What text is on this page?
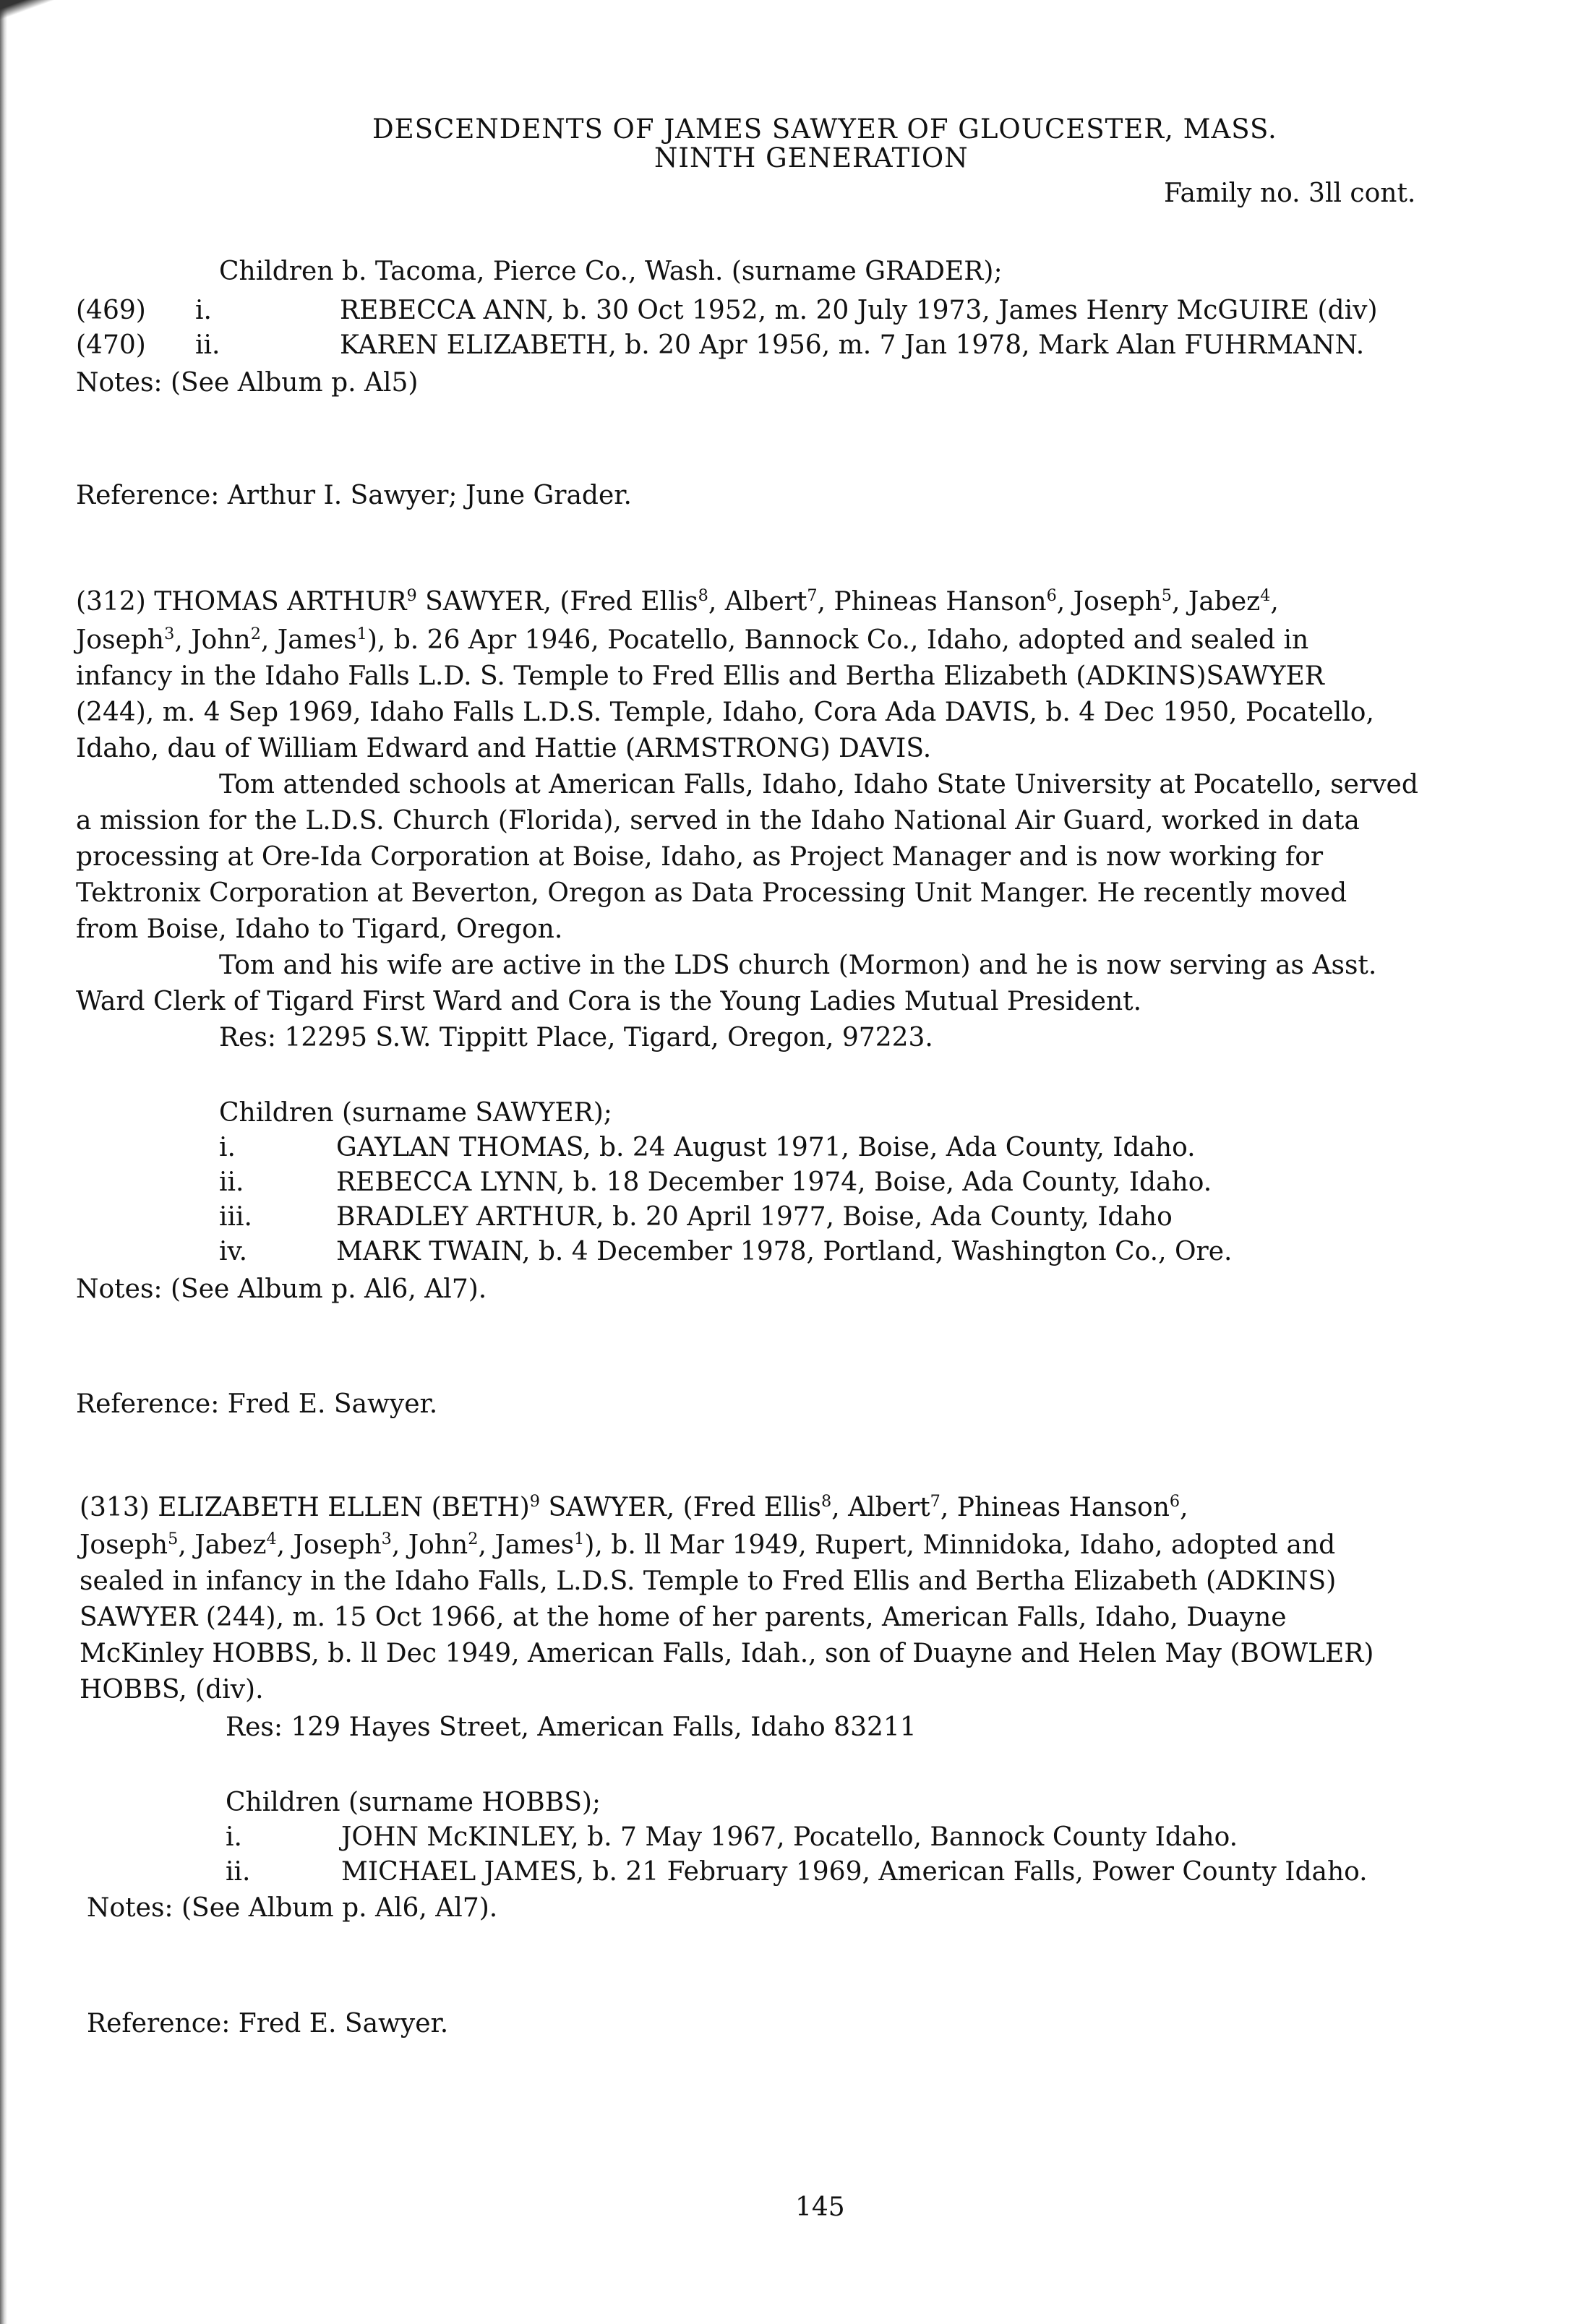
DESCENDENTS OF JAMES SAWYER OF GLOUCESTER, MASS.
NINTH GENERATION
Family no. 3ll cont.
Children b. Tacoma, Pierce Co., Wash. (surname GRADER);
(469) i.	REBECCA ANN, b. 30 Oct 1952, m. 20 July 1973, James Henry McGUIRE (div)
(470) ii.	KAREN ELIZABETH, b. 20 Apr 1956, m. 7 Jan 1978, Mark Alan FUHRMANN.
Notes: (See Album p. Al5)
Reference: Arthur I. Sawyer; June Grader.
(312) THOMAS ARTHUR$^9$ SAWYER, (Fred Ellis$^8$, Albert$^7$, Phineas Hanson$^6$, Joseph$^5$, Jabez$^4$,
Joseph$^3$, John$^2$, James$^1$), b. 26 Apr 1946, Pocatello, Bannock Co., Idaho, adopted and sealed in
infancy in the Idaho Falls L.D. S. Temple to Fred Ellis and Bertha Elizabeth (ADKINS)SAWYER
(244), m. 4 Sep 1969, Idaho Falls L.D.S. Temple, Idaho, Cora Ada DAVIS, b. 4 Dec 1950, Pocatello,
Idaho, dau of William Edward and Hattie (ARMSTRONG) DAVIS.
Tom attended schools at American Falls, Idaho, Idaho State University at Pocatello, served
a mission for the L.D.S. Church (Florida), served in the Idaho National Air Guard, worked in data
processing at Ore-Ida Corporation at Boise, Idaho, as Project Manager and is now working for
Tektronix Corporation at Beverton, Oregon as Data Processing Unit Manger. He recently moved
from Boise, Idaho to Tigard, Oregon.
Tom and his wife are active in the LDS church (Mormon) and he is now serving as Asst.
Ward Clerk of Tigard First Ward and Cora is the Young Ladies Mutual President.
Res: 12295 S.W. Tippitt Place, Tigard, Oregon, 97223.
Children (surname SAWYER);
i.	GAYLAN THOMAS, b. 24 August 1971, Boise, Ada County, Idaho.
ii.	REBECCA LYNN, b. 18 December 1974, Boise, Ada County, Idaho.
iii.	BRADLEY ARTHUR, b. 20 April 1977, Boise, Ada County, Idaho
iv.	MARK TWAIN, b. 4 December 1978, Portland, Washington Co., Ore.
Notes: (See Album p. Al6, Al7).
Reference: Fred E. Sawyer.
(313) ELIZABETH ELLEN (BETH)$^9$ SAWYER, (Fred Ellis$^8$, Albert$^7$, Phineas Hanson$^6$,
Joseph$^5$, Jabez$^4$, Joseph$^3$, John$^2$, James$^1$), b. ll Mar 1949, Rupert, Minnidoka, Idaho, adopted and
sealed in infancy in the Idaho Falls, L.D.S. Temple to Fred Ellis and Bertha Elizabeth (ADKINS)
SAWYER (244), m. 15 Oct 1966, at the home of her parents, American Falls, Idaho, Duayne
McKinley HOBBS, b. ll Dec 1949, American Falls, Idah., son of Duayne and Helen May (BOWLER)
HOBBS, (div).
Res: 129 Hayes Street, American Falls, Idaho 83211
Children (surname HOBBS);
i.	JOHN McKINLEY, b. 7 May 1967, Pocatello, Bannock County Idaho.
ii.	MICHAEL JAMES, b. 21 February 1969, American Falls, Power County Idaho.
Notes: (See Album p. Al6, Al7).
Reference: Fred E. Sawyer.
145
